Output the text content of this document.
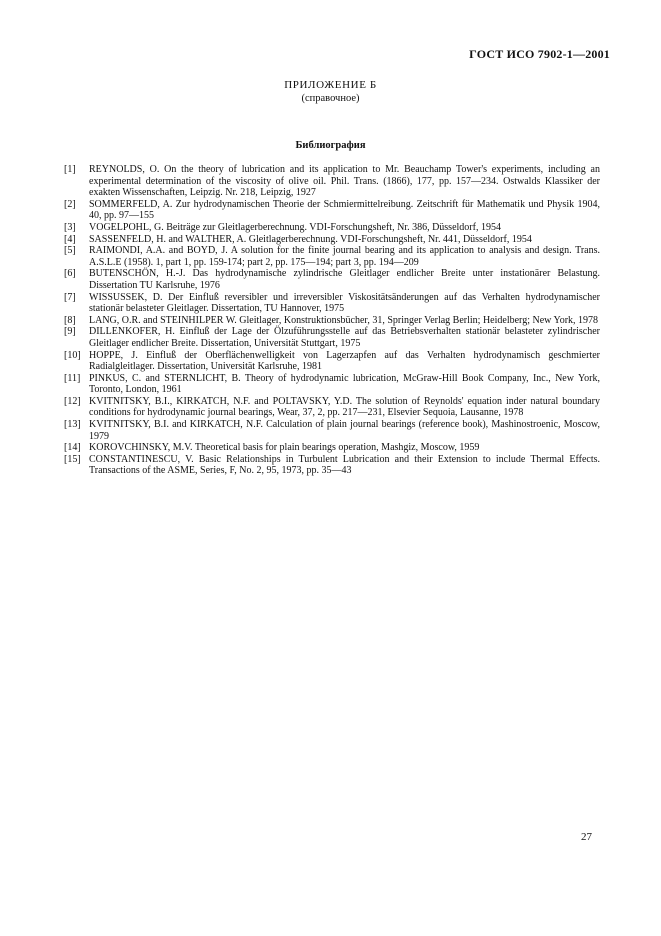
ГОСТ ИСО 7902-1—2001
ПРИЛОЖЕНИЕ Б
(справочное)
Библиография
[1] REYNOLDS, O. On the theory of lubrication and its application to Mr. Beauchamp Tower's experiments, including an experimental determination of the viscosity of olive oil. Phil. Trans. (1866), 177, pp. 157—234. Ostwalds Klassiker der exakten Wissenschaften, Leipzig. Nr. 218, Leipzig, 1927
[2] SOMMERFELD, A. Zur hydrodynamischen Theorie der Schmiermittelreibung. Zeitschrift für Mathematik und Physik 1904, 40, pp. 97—155
[3] VOGELPOHL, G. Beiträge zur Gleitlagerberechnung. VDI-Forschungsheft, Nr. 386, Düsseldorf, 1954
[4] SASSENFELD, H. and WALTHER, A. Gleitlagerberechnung. VDI-Forschungsheft, Nr. 441, Düsseldorf, 1954
[5] RAIMONDI, A.A. and BOYD, J. A solution for the finite journal bearing and its application to analysis and design. Trans. A.S.L.E (1958). 1, part 1, pp. 159-174; part 2, pp. 175—194; part 3, pp. 194—209
[6] BUTENSCHÖN, H.-J. Das hydrodynamische zylindrische Gleitlager endlicher Breite unter instationärer Belastung. Dissertation TU Karlsruhe, 1976
[7] WISSUSSEK, D. Der Einfluß reversibler und irreversibler Viskositätsänderungen auf das Verhalten hydrodynamischer stationär belasteter Gleitlager. Dissertation, TU Hannover, 1975
[8] LANG, O.R. and STEINHILPER W. Gleitlager, Konstruktionsbücher, 31, Springer Verlag Berlin; Heidelberg; New York, 1978
[9] DILLENKOFER, H. Einfluß der Lage der Ölzuführungsstelle auf das Betriebsverhalten stationär belasteter zylindrischer Gleitlager endlicher Breite. Dissertation, Universität Stuttgart, 1975
[10] HOPPE, J. Einfluß der Oberflächenwelligkeit von Lagerzapfen auf das Verhalten hydrodynamisch geschmierter Radialgleitlager. Dissertation, Universität Karlsruhe, 1981
[11] PINKUS, C. and STERNLICHT, B. Theory of hydrodynamic lubrication, McGraw-Hill Book Company, Inc., New York, Toronto, London, 1961
[12] KVITNITSKY, B.I., KIRKATCH, N.F. and POLTAVSKY, Y.D. The solution of Reynolds' equation inder natural boundary conditions for hydrodynamic journal bearings, Wear, 37, 2, pp. 217—231, Elsevier Sequoia, Lausanne, 1978
[13] KVITNITSKY, B.I. and KIRKATCH, N.F. Calculation of plain journal bearings (reference book), Mashinostroenic, Moscow, 1979
[14] KOROVCHINSKY, M.V. Theoretical basis for plain bearings operation, Mashgiz, Moscow, 1959
[15] CONSTANTINESCU, V. Basic Relationships in Turbulent Lubrication and their Extension to include Thermal Effects. Transactions of the ASME, Series, F, No. 2, 95, 1973, pp. 35—43
27
